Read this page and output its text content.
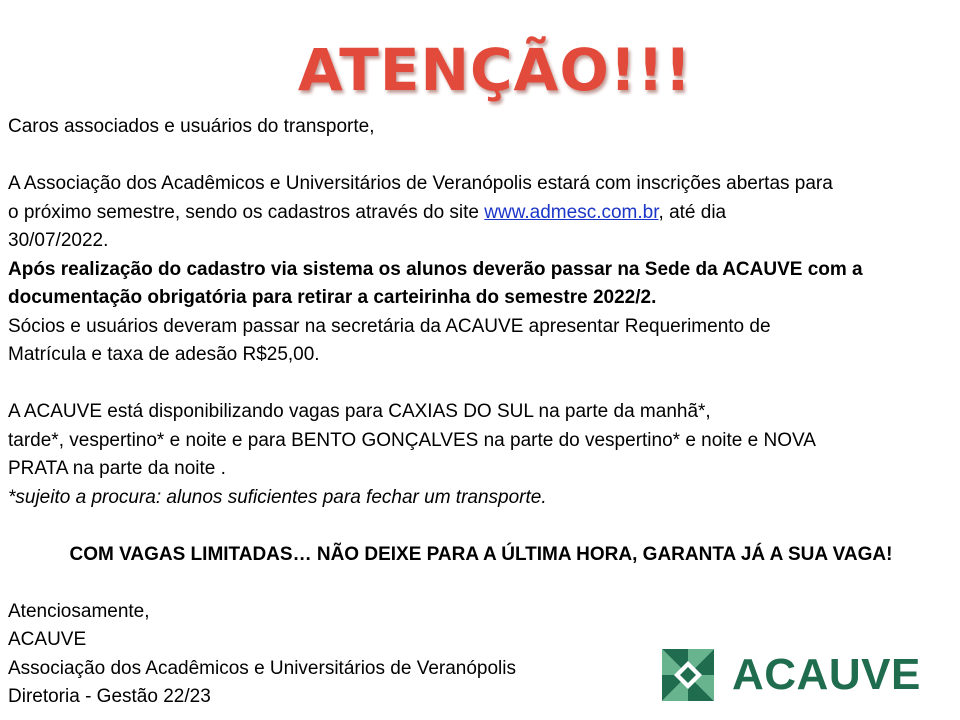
ATENÇÃO!!!
Caros associados e usuários do transporte,
A Associação dos Acadêmicos e Universitários de Veranópolis estará com inscrições abertas para
o próximo semestre, sendo os cadastros através do site www.admesc.com.br, até dia
30/07/2022.
Após realização do cadastro via sistema os alunos deverão passar na Sede da ACAUVE com a
documentação obrigatória para retirar a carteirinha do semestre 2022/2.
Sócios e usuários deveram passar na secretária da ACAUVE apresentar Requerimento de
Matrícula e taxa de adesão R$25,00.
A ACAUVE está disponibilizando vagas para CAXIAS DO SUL na parte da manhã*,
tarde*, vespertino* e noite e para BENTO GONÇALVES na parte do vespertino* e noite e NOVA
PRATA na parte da noite .
*sujeito a procura: alunos suficientes para fechar um transporte.
COM VAGAS LIMITADAS… NÃO DEIXE PARA A ÚLTIMA HORA, GARANTA JÁ A SUA VAGA!
Atenciosamente,
ACAUVE
Associação dos Acadêmicos e Universitários de Veranópolis
Diretoria - Gestão 22/23	ACAUVE
